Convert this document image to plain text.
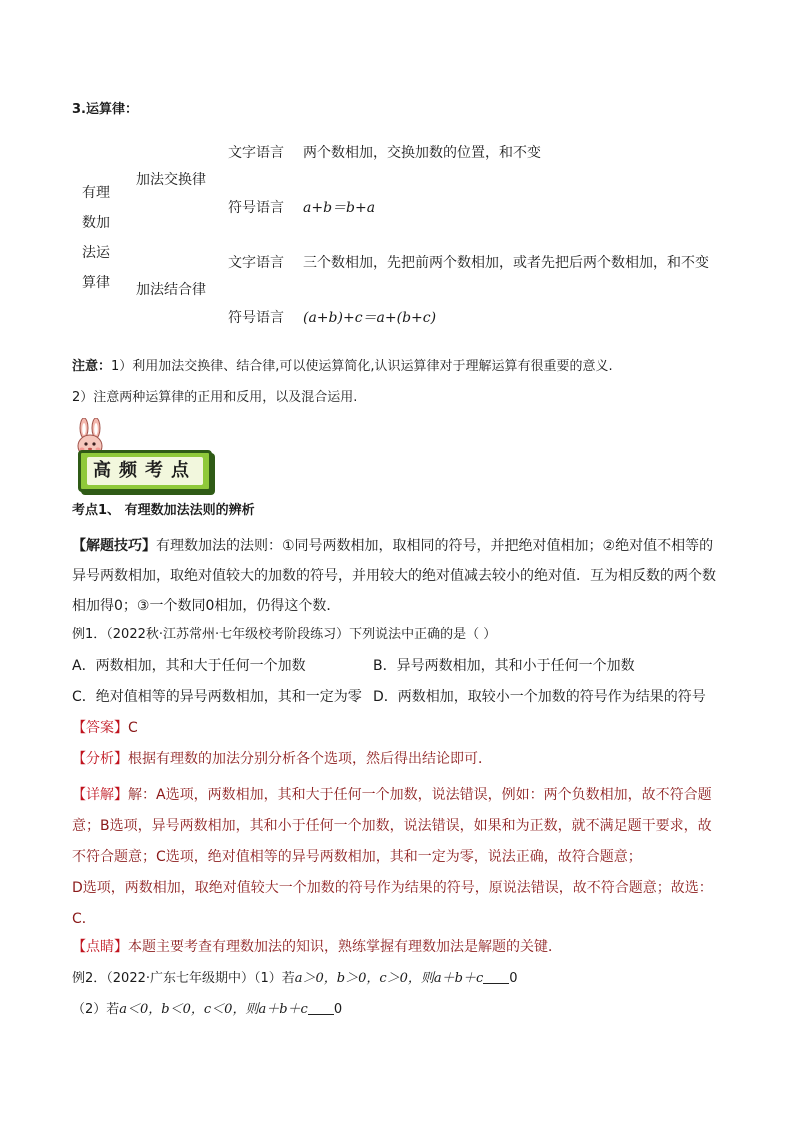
3.运算律：
有理
数加
法运
算律
加法交换律
文字语言 两个数相加，交换加数的位置，和不变
符号语言 a+b＝b+a
加法结合律
文字语言 三个数相加，先把前两个数相加，或者先把后两个数相加，和不变
符号语言 (a+b)+c＝a+(b+c)
注意：1）利用加法交换律、结合律,可以使运算简化,认识运算律对于理解运算有很重要的意义.
2）注意两种运算律的正用和反用，以及混合运用.
高频考点
考点1、 有理数加法法则的辨析
【解题技巧】有理数加法的法则：①同号两数相加，取相同的符号，并把绝对值相加；②绝对值不相等的
异号两数相加，取绝对值较大的加数的符号，并用较大的绝对值减去较小的绝对值．互为相反数的两个数
相加得0；③一个数同0相加，仍得这个数．
例1．（2022秋·江苏常州·七年级校考阶段练习）下列说法中正确的是（ ）
A．两数相加，其和大于任何一个加数	B．异号两数相加，其和小于任何一个加数
C．绝对值相等的异号两数相加，其和一定为零 D．两数相加，取较小一个加数的符号作为结果的符号
【答案】C
【分析】根据有理数的加法分别分析各个选项，然后得出结论即可．
【详解】解：A选项，两数相加，其和大于任何一个加数，说法错误，例如：两个负数相加，故不符合题
意；B选项，异号两数相加，其和小于任何一个加数，说法错误，如果和为正数，就不满足题干要求，故
不符合题意；C选项，绝对值相等的异号两数相加，其和一定为零，说法正确，故符合题意；
D选项，两数相加，取绝对值较大一个加数的符号作为结果的符号，原说法错误，故不符合题意；故选：
C．
【点睛】本题主要考查有理数加法的知识，熟练掌握有理数加法是解题的关键．
例2．（2022·广东七年级期中）（1）若a＞0，b＞0，c＞0，则a＋b＋c 0
（2）若a＜0，b＜0，c＜0，则a＋b＋c 0
